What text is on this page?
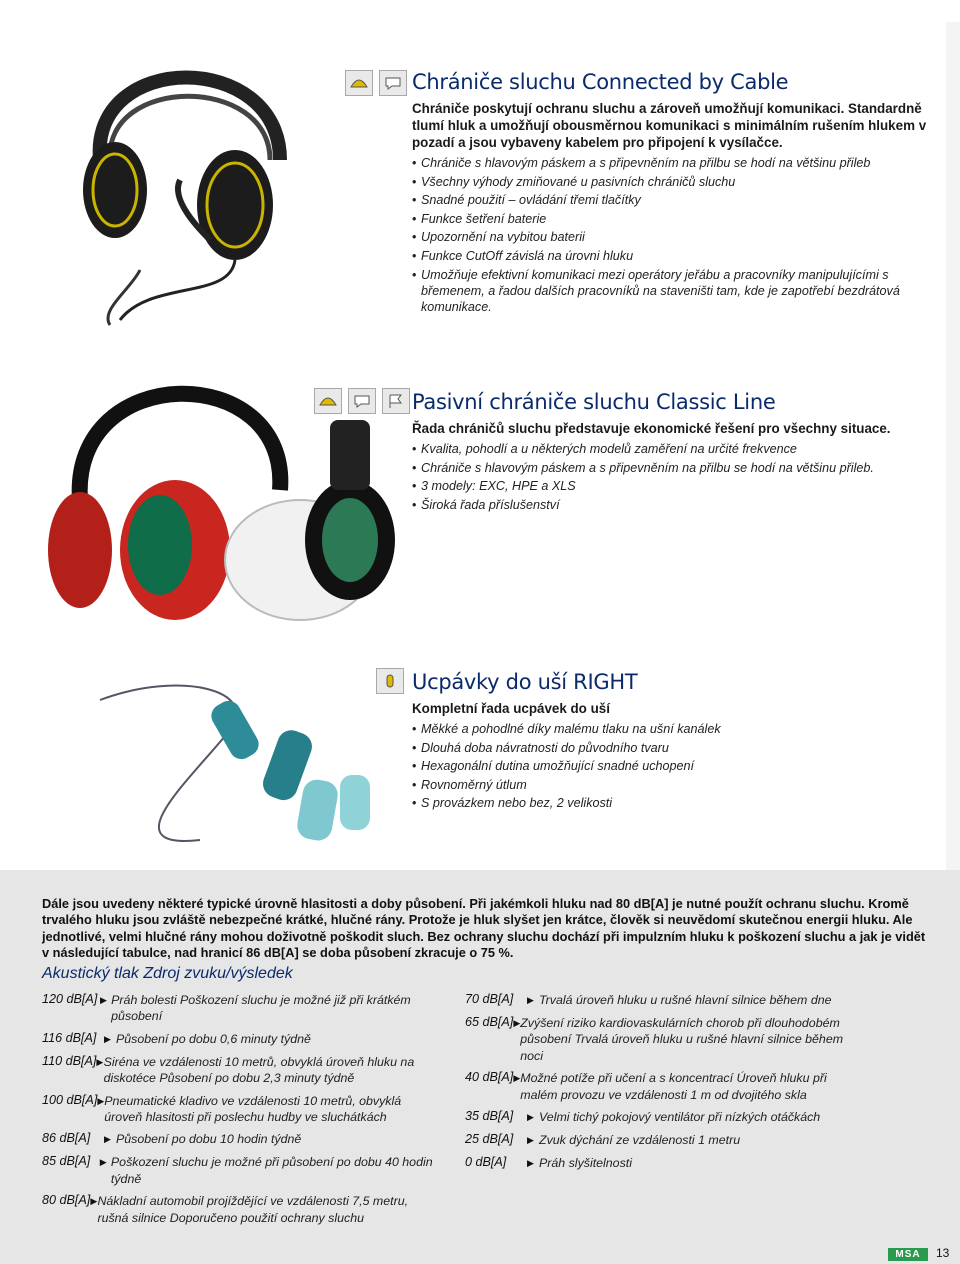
Chrániče sluchu Connected by Cable
Chrániče poskytují ochranu sluchu a zároveň umožňují komunikaci. Standardně tlumí hluk a umožňují obousměrnou komunikaci s minimálním rušením hlukem v pozadí a jsou vybaveny kabelem pro připojení k vysílačce.
• Chrániče s hlavovým páskem a s připevněním na přilbu se hodí na většinu přileb
• Všechny výhody zmiňované u pasivních chráničů sluchu
• Snadné použití – ovládání třemi tlačítky
• Funkce šetření baterie
• Upozornění na vybitou baterii
• Funkce CutOff závislá na úrovni hluku
• Umožňuje efektivní komunikaci mezi operátory jeřábu a pracovníky manipulujícími s břemenem, a řadou dalších pracovníků na staveništi tam, kde je zapotřebí bezdrátová komunikace.
Pasivní chrániče sluchu Classic Line
Řada chráničů sluchu představuje ekonomické řešení pro všechny situace.
• Kvalita, pohodlí a u některých modelů zaměření na určité frekvence
• Chrániče s hlavovým páskem a s připevněním na přilbu se hodí na většinu přileb.
• 3 modely: EXC, HPE a XLS
• Široká řada příslušenství
Ucpávky do uší RIGHT
Kompletní řada ucpávek do uší
• Měkké a pohodlné díky malému tlaku na ušní kanálek
• Dlouhá doba návratnosti do původního tvaru
• Hexagonální dutina umožňující snadné uchopení
• Rovnoměrný útlum
• S provázkem nebo bez, 2 velikosti
Dále jsou uvedeny některé typické úrovně hlasitosti a doby působení. Při jakémkoli hluku nad 80 dB[A] je nutné použít ochranu sluchu. Kromě trvalého hluku jsou zvláště nebezpečné krátké, hlučné rány. Protože je hluk slyšet jen krátce, člověk si neuvědomí skutečnou energii hluku. Ale jednotlivé, velmi hlučné rány mohou doživotně poškodit sluch. Bez ochrany sluchu dochází při impulzním hluku k poškození sluchu a jak je vidět v následující tabulce, nad hranicí 86 dB[A] se doba působení zkracuje o 75 %.
Akustický tlak Zdroj zvuku/výsledek
120 dB[A] ▶ Práh bolesti Poškození sluchu je možné již při krátkém působení
116 dB[A] ▶ Působení po dobu 0,6 minuty týdně
110 dB[A] ▶ Siréna ve vzdálenosti 10 metrů, obvyklá úroveň hluku na diskotéce Působení po dobu 2,3 minuty týdně
100 dB[A] ▶ Pneumatické kladivo ve vzdálenosti 10 metrů, obvyklá úroveň hlasitosti při poslechu hudby ve sluchátkách
86 dB[A]	▶ Působení po dobu 10 hodin týdně
85 dB[A]	▶ Poškození sluchu je možné při působení po dobu 40 hodin týdně
80 dB[A] ▶ Nákladní automobil projíždějící ve vzdálenosti 7,5 metru, rušná silnice Doporučeno použití ochrany sluchu
70 dB[A]	▶ Trvalá úroveň hluku u rušné hlavní silnice během dne
65 dB[A] ▶ Zvýšení riziko kardiovaskulárních chorob při dlouhodobém působení Trvalá úroveň hluku u rušné hlavní silnice během noci
40 dB[A] ▶ Možné potíže při učení a s koncentrací Úroveň hluku při malém provozu ve vzdálenosti 1 m od dvojitého skla
35 dB[A]	▶ Velmi tichý pokojový ventilátor při nízkých otáčkách
25 dB[A]	▶ Zvuk dýchání ze vzdálenosti 1 metru
0 dB[A]	▶ Práh slyšitelnosti
MSA	13
